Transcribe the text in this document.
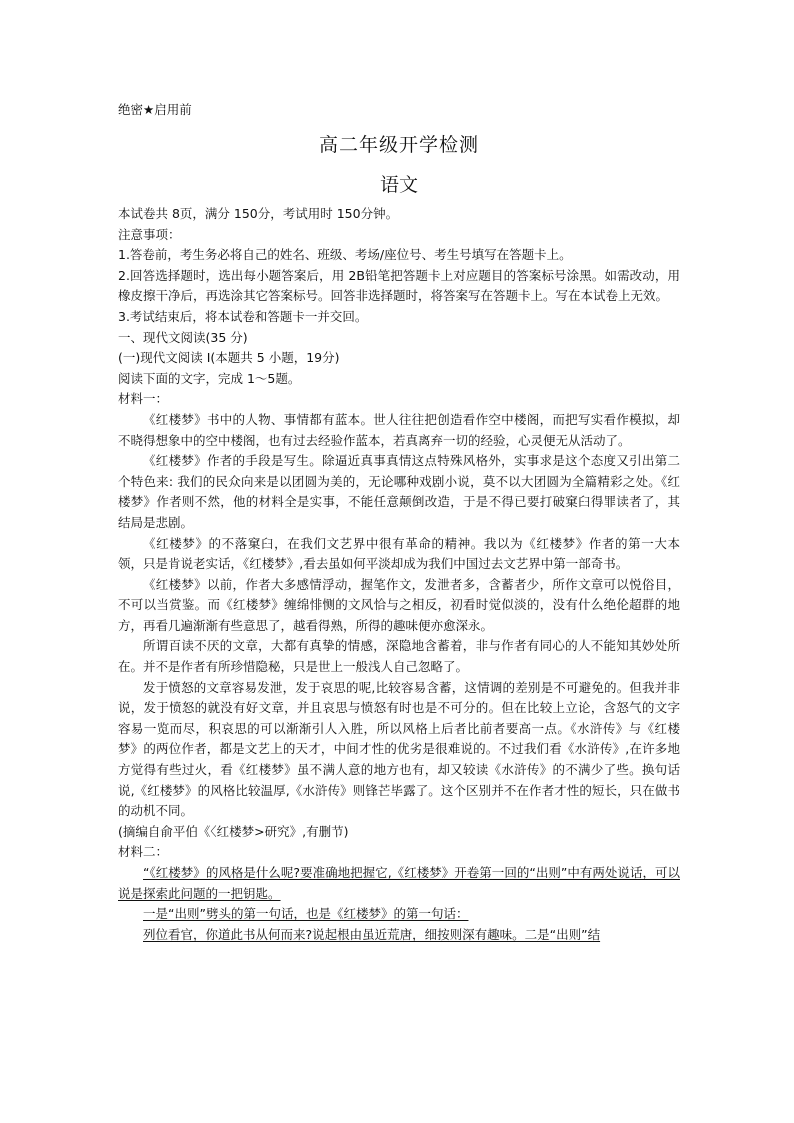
绝密★启用前
高二年级开学检测
语文
本试卷共 8页，满分 150分，考试用时 150分钟。
注意事项：
1.答卷前，考生务必将自己的姓名、班级、考场/座位号、考生号填写在答题卡上。
2.回答选择题时，选出每小题答案后，用 2B铅笔把答题卡上对应题目的答案标号涂黑。如需改动，用橡皮擦干净后，再选涂其它答案标号。回答非选择题时，将答案写在答题卡上。写在本试卷上无效。
3.考试结束后，将本试卷和答题卡一并交回。
一、现代文阅读(35 分)
(一)现代文阅读 I(本题共 5 小题，19分)
阅读下面的文字，完成 1～5题。
材料一：
《红楼梦》书中的人物、事情都有蓝本。世人往往把创造看作空中楼阁，而把写实看作模拟，却不晓得想象中的空中楼阁，也有过去经验作蓝本，若真离弃一切的经验，心灵便无从活动了。
《红楼梦》作者的手段是写生。除逼近真事真情这点特殊风格外，实事求是这个态度又引出第二个特色来: 我们的民众向来是以团圆为美的，无论哪种戏剧小说，莫不以大团圆为全篇精彩之处。《红楼梦》作者则不然，他的材料全是实事，不能任意颠倒改造，于是不得已要打破窠臼得罪读者了，其结局是悲剧。
《红楼梦》的不落窠臼，在我们文艺界中很有革命的精神。我以为《红楼梦》作者的第一大本领，只是肯说老实话，《红楼梦》,看去虽如何平淡却成为我们中国过去文艺界中第一部奇书。
《红楼梦》以前，作者大多感情浮动，握笔作文，发泄者多，含蓄者少，所作文章可以悦俗目，不可以当赏鉴。而《红楼梦》缠绵悱恻的文风恰与之相反，初看时觉似淡的，没有什么绝伦超群的地方，再看几遍渐渐有些意思了，越看得熟，所得的趣味便亦愈深永。
所谓百读不厌的文章，大都有真挚的情感，深隐地含蓄着，非与作者有同心的人不能知其妙处所在。并不是作者有所珍惜隐秘，只是世上一般浅人自己忽略了。
发于愤怒的文章容易发泄，发于哀思的呢,比较容易含蓄，这情调的差别是不可避免的。但我并非说，发于愤怒的就没有好文章，并且哀思与愤怒有时也是不可分的。但在比较上立论，含怒气的文字容易一览而尽，积哀思的可以渐渐引人入胜，所以风格上后者比前者要高一点。《水浒传》与《红楼梦》的两位作者，都是文艺上的天才，中间才性的优劣是很难说的。不过我们看《水浒传》,在许多地方觉得有些过火，看《红楼梦》虽不满人意的地方也有，却又较读《水浒传》的不满少了些。换句话说,《红楼梦》的风格比较温厚,《水浒传》则锋芒毕露了。这个区别并不在作者才性的短长，只在做书的动机不同。
(摘编自俞平伯《〈红楼梦>研究》,有删节)
材料二：
“《红楼梦》的风格是什么呢?要准确地把握它,《红楼梦》开卷第一回的“出则”中有两处说话，可以说是探索此问题的一把钥匙。
一是“出则”劈头的第一句话，也是《红楼梦》的第一句话：
列位看官，你道此书从何而来?说起根由虽近荒唐，细按则深有趣味。二是“出则”结
